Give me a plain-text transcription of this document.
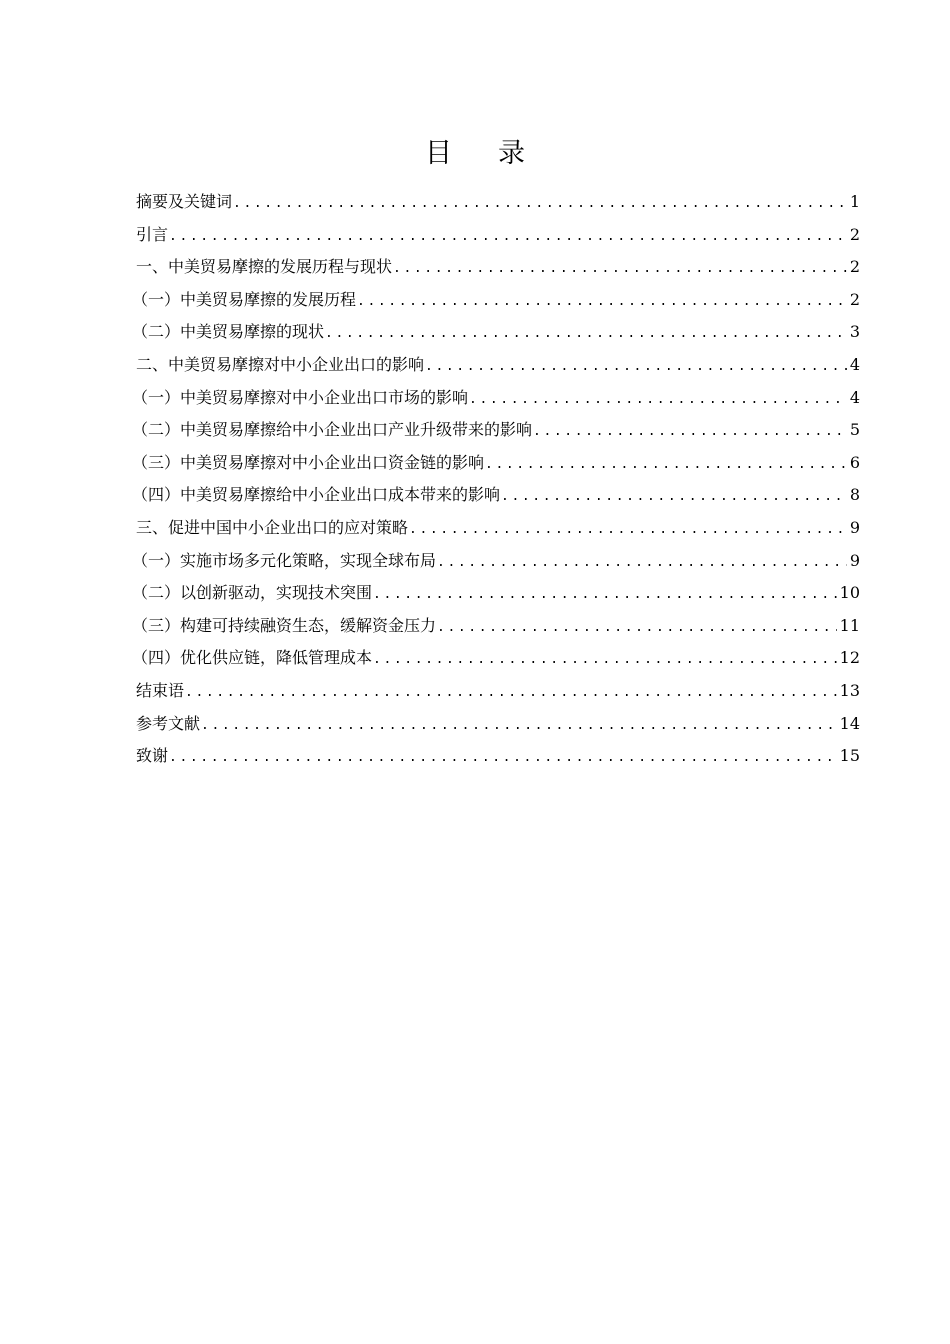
目 录
摘要及关键词 .....	1
引言 .....	2
一、中美贸易摩擦的发展历程与现状 .....	2
（一）中美贸易摩擦的发展历程 .....	2
（二）中美贸易摩擦的现状 .....	3
二、中美贸易摩擦对中小企业出口的影响 .....	4
（一）中美贸易摩擦对中小企业出口市场的影响 .....	4
（二）中美贸易摩擦给中小企业出口产业升级带来的影响 .....	5
（三）中美贸易摩擦对中小企业出口资金链的影响 .....	6
（四）中美贸易摩擦给中小企业出口成本带来的影响 .....	8
三、促进中国中小企业出口的应对策略 .....	9
（一）实施市场多元化策略，实现全球布局 .....	9
（二）以创新驱动，实现技术突围 .....	10
（三）构建可持续融资生态，缓解资金压力 .....	11
（四）优化供应链，降低管理成本 .....	12
结束语 .....	13
参考文献 .....	14
致谢 .....	15
